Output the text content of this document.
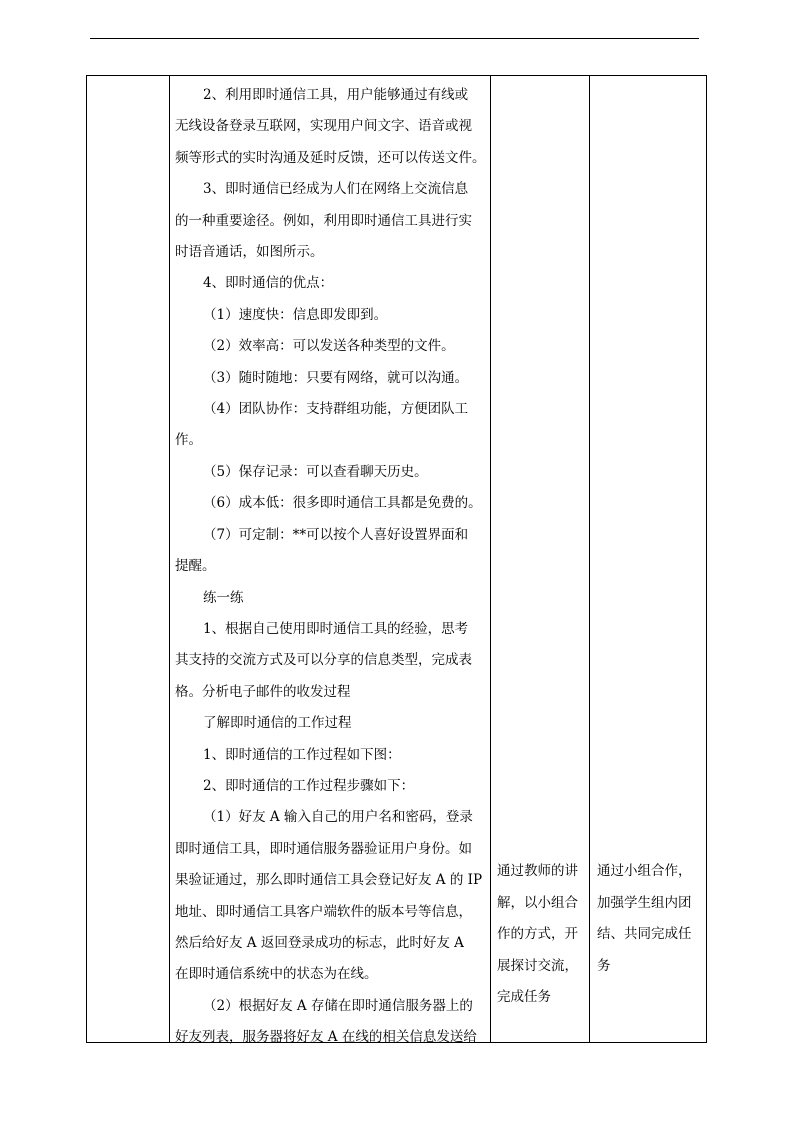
2、利用即时通信工具，用户能够通过有线或

无线设备登录互联网，实现用户间文字、语音或视

频等形式的实时沟通及延时反馈，还可以传送文件。

3、即时通信已经成为人们在网络上交流信息

的一种重要途径。例如，利用即时通信工具进行实

时语音通话，如图所示。

4、即时通信的优点：

（1）速度快：信息即发即到。

（2）效率高：可以发送各种类型的文件。

（3）随时随地：只要有网络，就可以沟通。

（4）团队协作：支持群组功能，方便团队工

作。

（5）保存记录：可以查看聊天历史。

（6）成本低：很多即时通信工具都是免费的。

（7）可定制：**可以按个人喜好设置界面和

提醒。

练一练

1、根据自己使用即时通信工具的经验，思考

其支持的交流方式及可以分享的信息类型，完成表

格。分析电子邮件的收发过程

了解即时通信的工作过程

1、即时通信的工作过程如下图：

2、即时通信的工作过程步骤如下：

（1）好友 A 输入自己的用户名和密码，登录

即时通信工具，即时通信服务器验证用户身份。如

果验证通过，那么即时通信工具会登记好友 A 的 IP

地址、即时通信工具客户端软件的版本号等信息，

然后给好友 A 返回登录成功的标志，此时好友 A

在即时通信系统中的状态为在线。

（2）根据好友 A 存储在即时通信服务器上的

好友列表，服务器将好友 A 在线的相关信息发送给

通过教师的讲
解，以小组合
作的方式，开
展探讨交流，
完成任务
通过小组合作，
加强学生组内团
结、共同完成任
务
